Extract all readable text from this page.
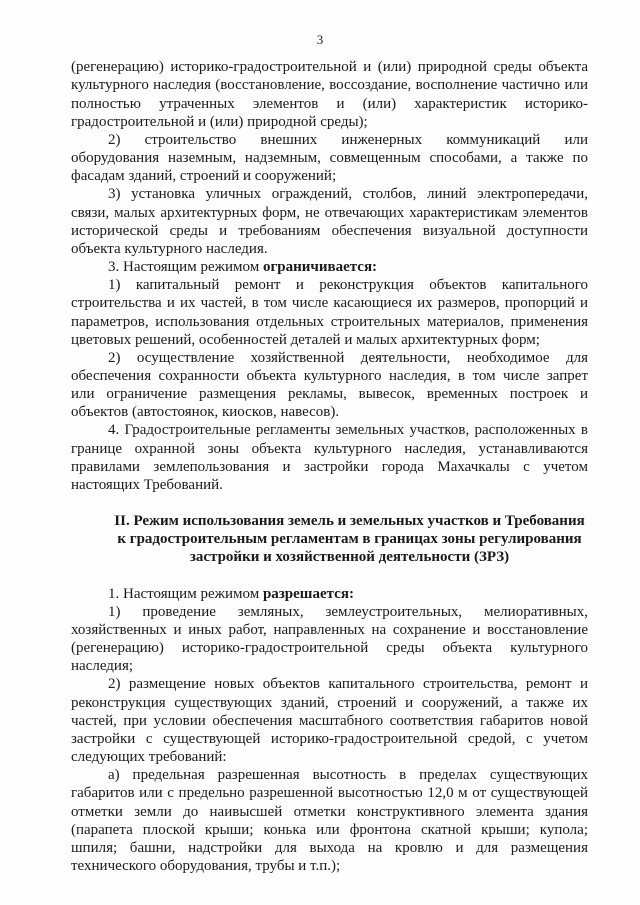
3
(регенерацию) историко-градостроительной и (или) природной среды объекта
культурного наследия (восстановление, воссоздание, восполнение частично или
полностью утраченных элементов и (или) характеристик историко-
градостроительной и (или) природной среды);
2) строительство внешних инженерных коммуникаций или
оборудования наземным, надземным, совмещенным способами, а также по
фасадам зданий, строений и сооружений;
3) установка уличных ограждений, столбов, линий электропередачи,
связи, малых архитектурных форм, не отвечающих характеристикам элементов
исторической среды и требованиям обеспечения визуальной доступности
объекта культурного наследия.
3. Настоящим режимом ограничивается:
1) капитальный ремонт и реконструкция объектов капитального
строительства и их частей, в том числе касающиеся их размеров, пропорций и
параметров, использования отдельных строительных материалов, применения
цветовых решений, особенностей деталей и малых архитектурных форм;
2) осуществление хозяйственной деятельности, необходимое для
обеспечения сохранности объекта культурного наследия, в том числе запрет
или ограничение размещения рекламы, вывесок, временных построек и
объектов (автостоянок, киосков, навесов).
4. Градостроительные регламенты земельных участков, расположенных в
границе охранной зоны объекта культурного наследия, устанавливаются
правилами землепользования и застройки города Махачкалы с учетом
настоящих Требований.
II. Режим использования земель и земельных участков и Требования
к градостроительным регламентам в границах зоны регулирования
застройки и хозяйственной деятельности (ЗРЗ)
1. Настоящим режимом разрешается:
1) проведение земляных, землеустроительных, мелиоративных,
хозяйственных и иных работ, направленных на сохранение и восстановление
(регенерацию) историко-градостроительной среды объекта культурного
наследия;
2) размещение новых объектов капитального строительства, ремонт и
реконструкция существующих зданий, строений и сооружений, а также их
частей, при условии обеспечения масштабного соответствия габаритов новой
застройки с существующей историко-градостроительной средой, с учетом
следующих требований:
а) предельная разрешенная высотность в пределах существующих
габаритов или с предельно разрешенной высотностью 12,0 м от существующей
отметки земли до наивысшей отметки конструктивного элемента здания
(парапета плоской крыши; конька или фронтона скатной крыши; купола;
шпиля; башни, надстройки для выхода на кровлю и для размещения
технического оборудования, трубы и т.п.);
